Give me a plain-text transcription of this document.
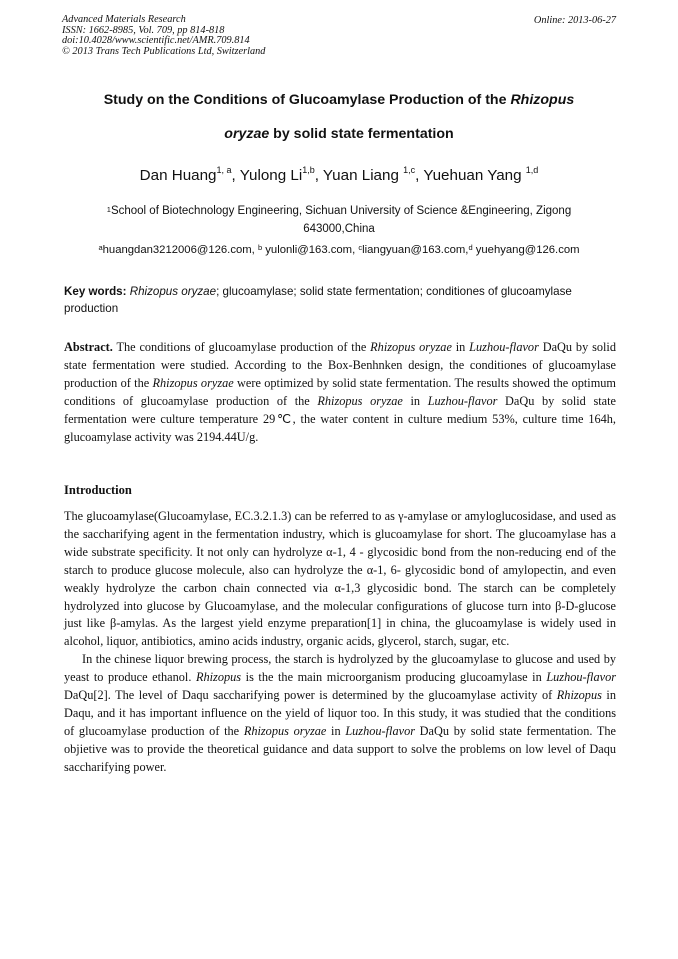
Advanced Materials Research
ISSN: 1662-8985, Vol. 709, pp 814-818
doi:10.4028/www.scientific.net/AMR.709.814
© 2013 Trans Tech Publications Ltd, Switzerland
Online: 2013-06-27
Study on the Conditions of Glucoamylase Production of the Rhizopus
oryzae by solid state fermentation
Dan Huang$^{1, a}$, Yulong Li$^{1,b}$, Yuan Liang $^{1,c}$, Yuehuan Yang $^{1,d}$
$^1$School of Biotechnology Engineering, Sichuan University of Science &Engineering, Zigong
643000,China
$^a$huangdan3212006@126.com, $^b$ yulonli@163.com, $^c$liangyuan@163.com,$^d$ yuehyang@126.com
Key words: Rhizopus oryzae; glucoamylase; solid state fermentation; conditiones of glucoamylase production
Abstract. The conditions of glucoamylase production of the Rhizopus oryzae in Luzhou-flavor DaQu by solid state fermentation were studied. According to the Box-Benhnken design, the conditiones of glucoamylase production of the Rhizopus oryzae were optimized by solid state fermentation. The results showed the optimum conditions of glucoamylase production of the Rhizopus oryzae in Luzhou-flavor DaQu by solid state fermentation were culture temperature 29℃, the water content in culture medium 53%, culture time 164h, glucoamylase activity was 2194.44U/g.
Introduction
The glucoamylase(Glucoamylase, EC.3.2.1.3) can be referred to as γ-amylase or amyloglucosidase, and used as the saccharifying agent in the fermentation industry, which is glucoamylase for short. The glucoamylase has a wide substrate specificity. It not only can hydrolyze α-1, 4 - glycosidic bond from the non-reducing end of the starch to produce glucose molecule, also can hydrolyze the α-1, 6- glycosidic bond of amylopectin, and even weakly hydrolyze the carbon chain connected via α-1,3 glycosidic bond. The starch can be completely hydrolyzed into glucose by Glucoamylase, and the molecular configurations of glucose turn into β-D-glucose just like β-amylas. As the largest yield enzyme preparation[1] in china, the glucoamylase is widely used in alcohol, liquor, antibiotics, amino acids industry, organic acids, glycerol, starch, sugar, etc.
In the chinese liquor brewing process, the starch is hydrolyzed by the glucoamylase to glucose and used by yeast to produce ethanol. Rhizopus is the the main microorganism producing glucoamylase in Luzhou-flavor DaQu[2]. The level of Daqu saccharifying power is determined by the glucoamylase activity of Rhizopus in Daqu, and it has important influence on the yield of liquor too. In this study, it was studied that the conditions of glucoamylase production of the Rhizopus oryzae in Luzhou-flavor DaQu by solid state fermentation. The objietive was to provide the theoretical guidance and data support to solve the problems on low level of Daqu saccharifying power.
